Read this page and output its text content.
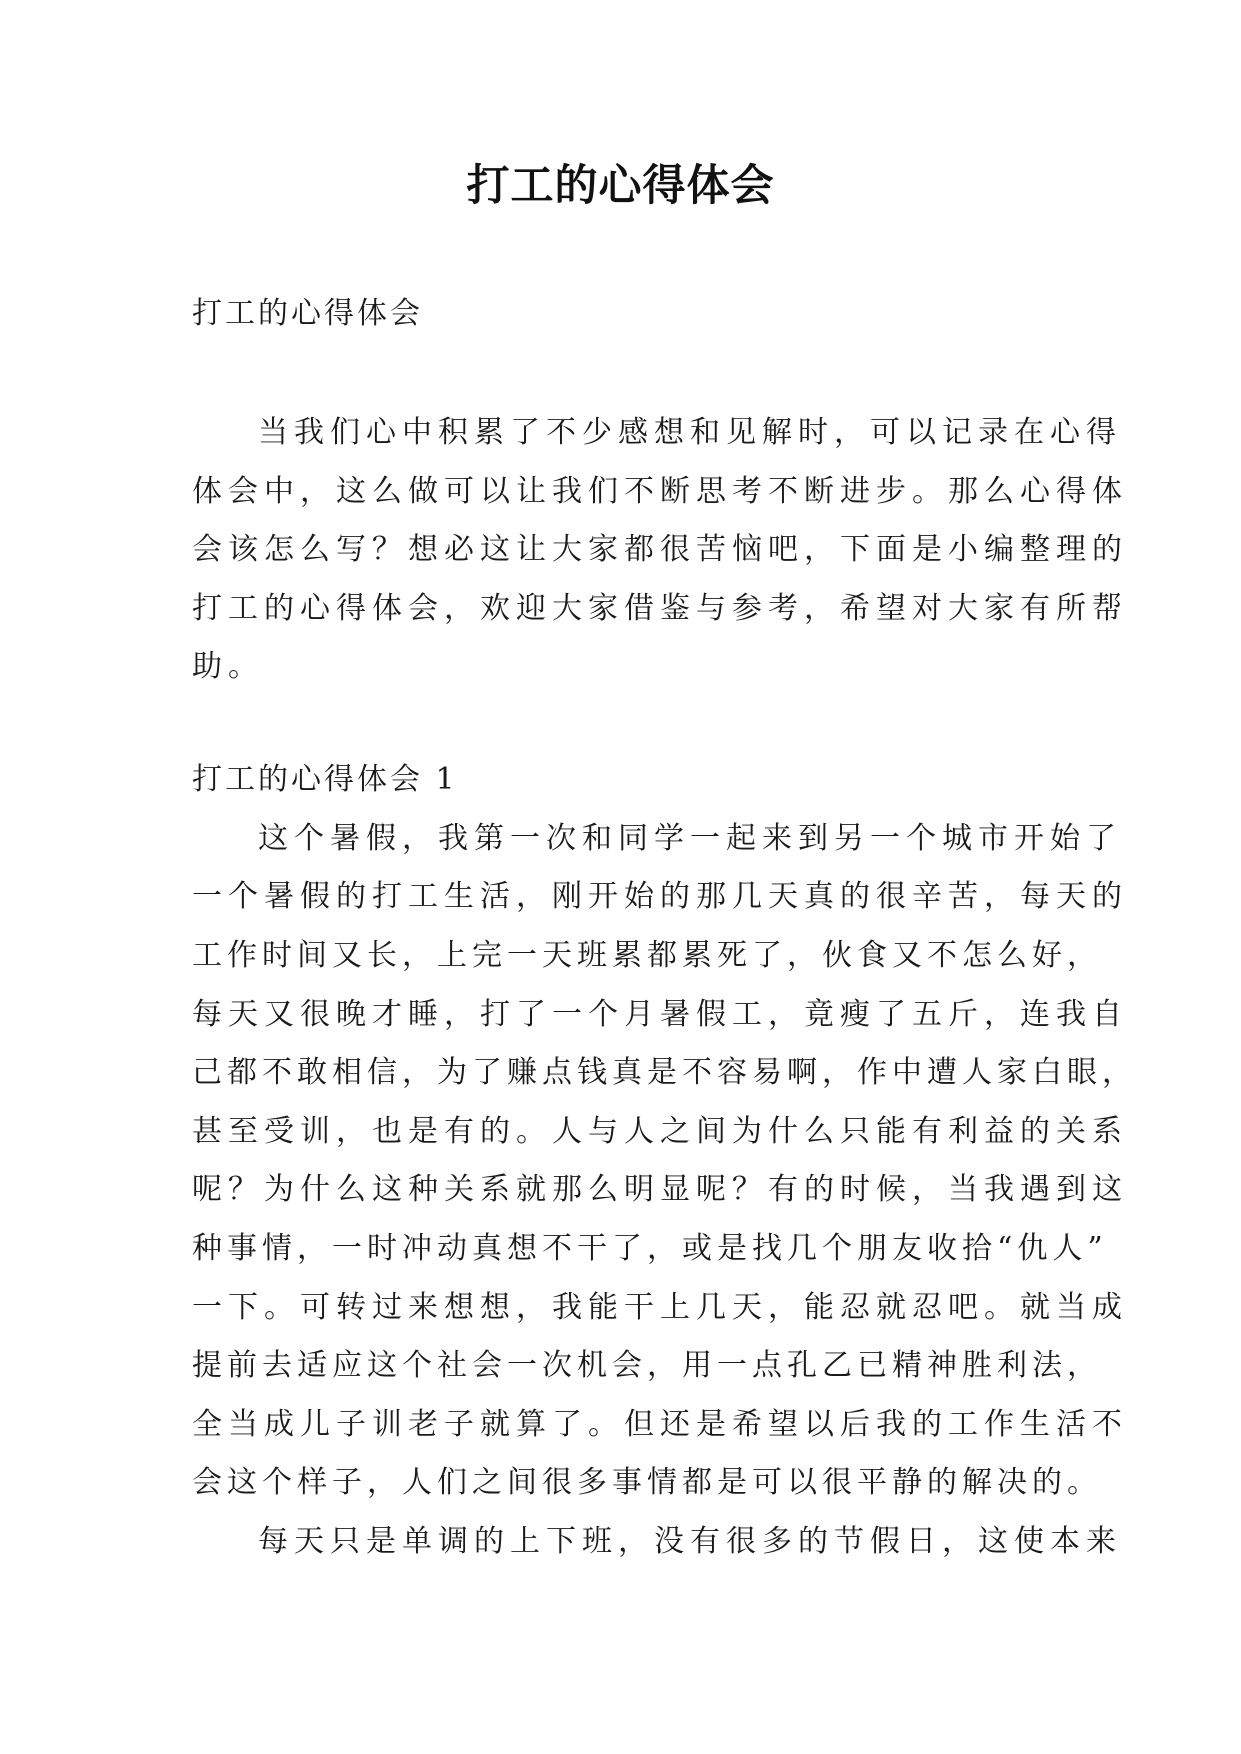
打工的心得体会
打工的心得体会
当我们心中积累了不少感想和见解时，可以记录在心得
体会中，这么做可以让我们不断思考不断进步。那么心得体
会该怎么写？想必这让大家都很苦恼吧，下面是小编整理的
打工的心得体会，欢迎大家借鉴与参考，希望对大家有所帮
助。
打工的心得体会 1
这个暑假，我第一次和同学一起来到另一个城市开始了
一个暑假的打工生活，刚开始的那几天真的很辛苦，每天的
工作时间又长，上完一天班累都累死了，伙食又不怎么好，
每天又很晚才睡，打了一个月暑假工，竟瘦了五斤，连我自
己都不敢相信，为了赚点钱真是不容易啊，作中遭人家白眼，
甚至受训，也是有的。人与人之间为什么只能有利益的关系
呢？为什么这种关系就那么明显呢？有的时候，当我遇到这
种事情，一时冲动真想不干了，或是找几个朋友收拾“仇人”
一下。可转过来想想，我能干上几天，能忍就忍吧。就当成
提前去适应这个社会一次机会，用一点孔乙已精神胜利法，
全当成儿子训老子就算了。但还是希望以后我的工作生活不
会这个样子，人们之间很多事情都是可以很平静的解决的。
每天只是单调的上下班，没有很多的节假日，这使本来
